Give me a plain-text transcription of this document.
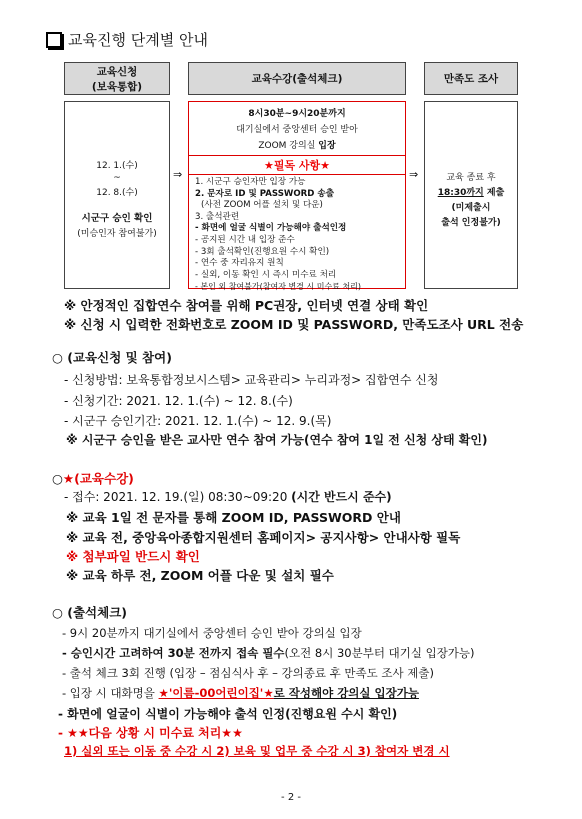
교육진행 단계별 안내
교육신청
(보육통합)
교육수강(출석체크)	만족도 조사
12. 1.(수)
~
12. 8.(수)
시군구 승인 확인
(미승인자 참여불가)
⇒
8시30분~9시20분까지
대기실에서 중앙센터 승인 받아
ZOOM 강의실 입장
★필독 사항★
1. 시군구 승인자만 입장 가능
2. 문자로 ID 및 PASSWORD 송출
(사전 ZOOM 어플 설치 및 다운)
3. 출석관련
- 화면에 얼굴 식별이 가능해야 출석인정
- 공지된 시간 내 입장 준수
- 3회 출석확인(진행요원 수시 확인)
- 연수 중 자리유지 원칙
- 실외, 이동 확인 시 즉시 미수료 처리
- 본인 외 참여불가(참여자 변경 시 미수료 처리)
⇒	교육 종료 후
18:30까지 제출
(미제출시
출석 인정불가)
※ 안정적인 집합연수 참여를 위해 PC권장, 인터넷 연결 상태 확인
※ 신청 시 입력한 전화번호로 ZOOM ID 및 PASSWORD, 만족도조사 URL 전송
○ (교육신청 및 참여)
- 신청방법: 보육통합정보시스템> 교육관리> 누리과정> 집합연수 신청
- 신청기간: 2021. 12. 1.(수) ~ 12. 8.(수)
- 시군구 승인기간: 2021. 12. 1.(수) ~ 12. 9.(목)
※ 시군구 승인을 받은 교사만 연수 참여 가능(연수 참여 1일 전 신청 상태 확인)
○★(교육수강)
- 접수: 2021. 12. 19.(일) 08:30~09:20 (시간 반드시 준수)
※ 교육 1일 전 문자를 통해 ZOOM ID, PASSWORD 안내
※ 교육 전, 중앙육아종합지원센터 홈페이지> 공지사항> 안내사항 필독
※ 첨부파일 반드시 확인
※ 교육 하루 전, ZOOM 어플 다운 및 설치 필수
○ (출석체크)
- 9시 20분까지 대기실에서 중앙센터 승인 받아 강의실 입장
- 승인시간 고려하여 30분 전까지 접속 필수(오전 8시 30분부터 대기실 입장가능)
- 출석 체크 3회 진행 (입장 – 점심식사 후 – 강의종료 후 만족도 조사 제출)
- 입장 시 대화명을 ★'이름-00어린이집'★로 작성해야 강의실 입장가능
- 화면에 얼굴이 식별이 가능해야 출석 인정(진행요원 수시 확인)
- ★★다음 상황 시 미수료 처리★★
1) 실외 또는 이동 중 수강 시 2) 보육 및 업무 중 수강 시 3) 참여자 변경 시
- 2 -
